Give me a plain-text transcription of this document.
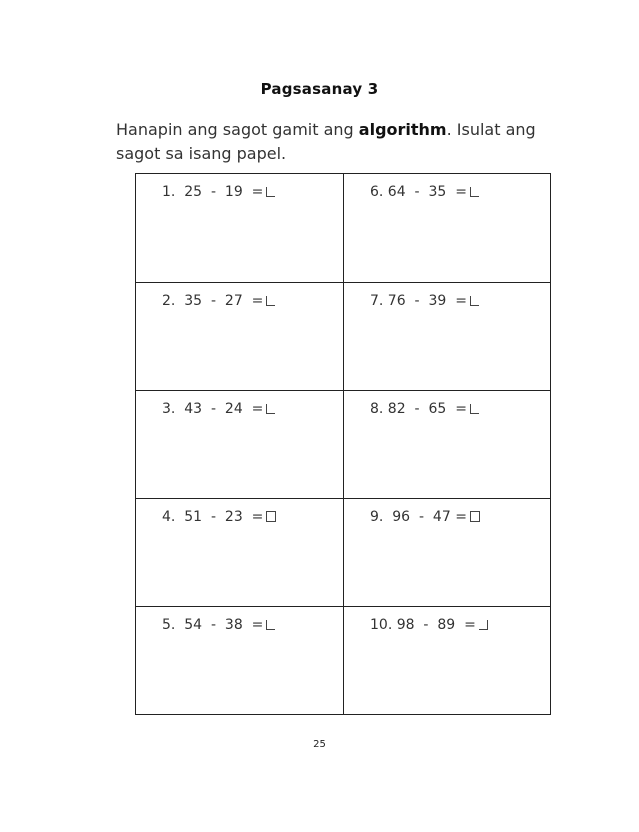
Pagsasanay 3
Hanapin ang sagot gamit ang algorithm. Isulat ang sagot sa isang papel.
1.  25  -  19  =	6. 64  -  35  =
2.  35  -  27  =	7. 76  -  39  =
3.  43  -  24  =	8. 82  -  65  =
4.  51  -  23  =	9.  96  -  47 =
5.  54  -  38  =	10. 98  -  89  =
25
